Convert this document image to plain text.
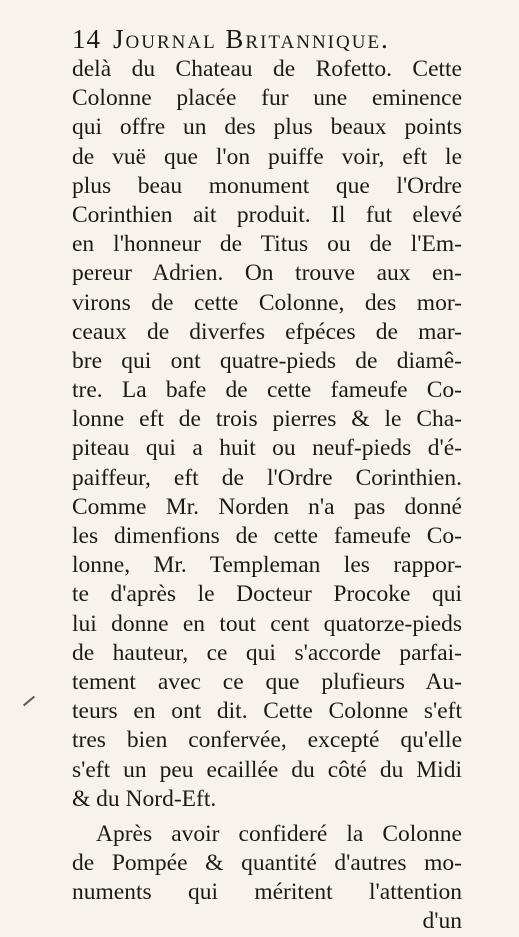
14 Journal Britannique.
delà du Chateau de Rofetto. Cette
Colonne placée fur une eminence
qui offre un des plus beaux points
de vuë que l'on puiffe voir, eft le
plus beau monument que l'Ordre
Corinthien ait produit. Il fut elevé
en l'honneur de Titus ou de l'Em-
pereur Adrien. On trouve aux en-
virons de cette Colonne, des mor-
ceaux de diverfes efpéces de mar-
bre qui ont quatre-pieds de diamê-
tre. La bafe de cette fameufe Co-
lonne eft de trois pierres & le Cha-
piteau qui a huit ou neuf-pieds d'é-
paiffeur, eft de l'Ordre Corinthien.
Comme Mr. Norden n'a pas donné
les dimenfions de cette fameufe Co-
lonne, Mr. Templeman les rappor-
te d'après le Docteur Procoke qui
lui donne en tout cent quatorze-pieds
de hauteur, ce qui s'accorde parfai-
tement avec ce que plufieurs Au-
teurs en ont dit. Cette Colonne s'eft
tres bien confervée, excepté qu'elle
s'eft un peu ecaillée du côté du Midi
& du Nord-Eft.
Après avoir confideré la Colonne
de Pompée & quantité d'autres mo-
numents qui méritent l'attention
d'un
